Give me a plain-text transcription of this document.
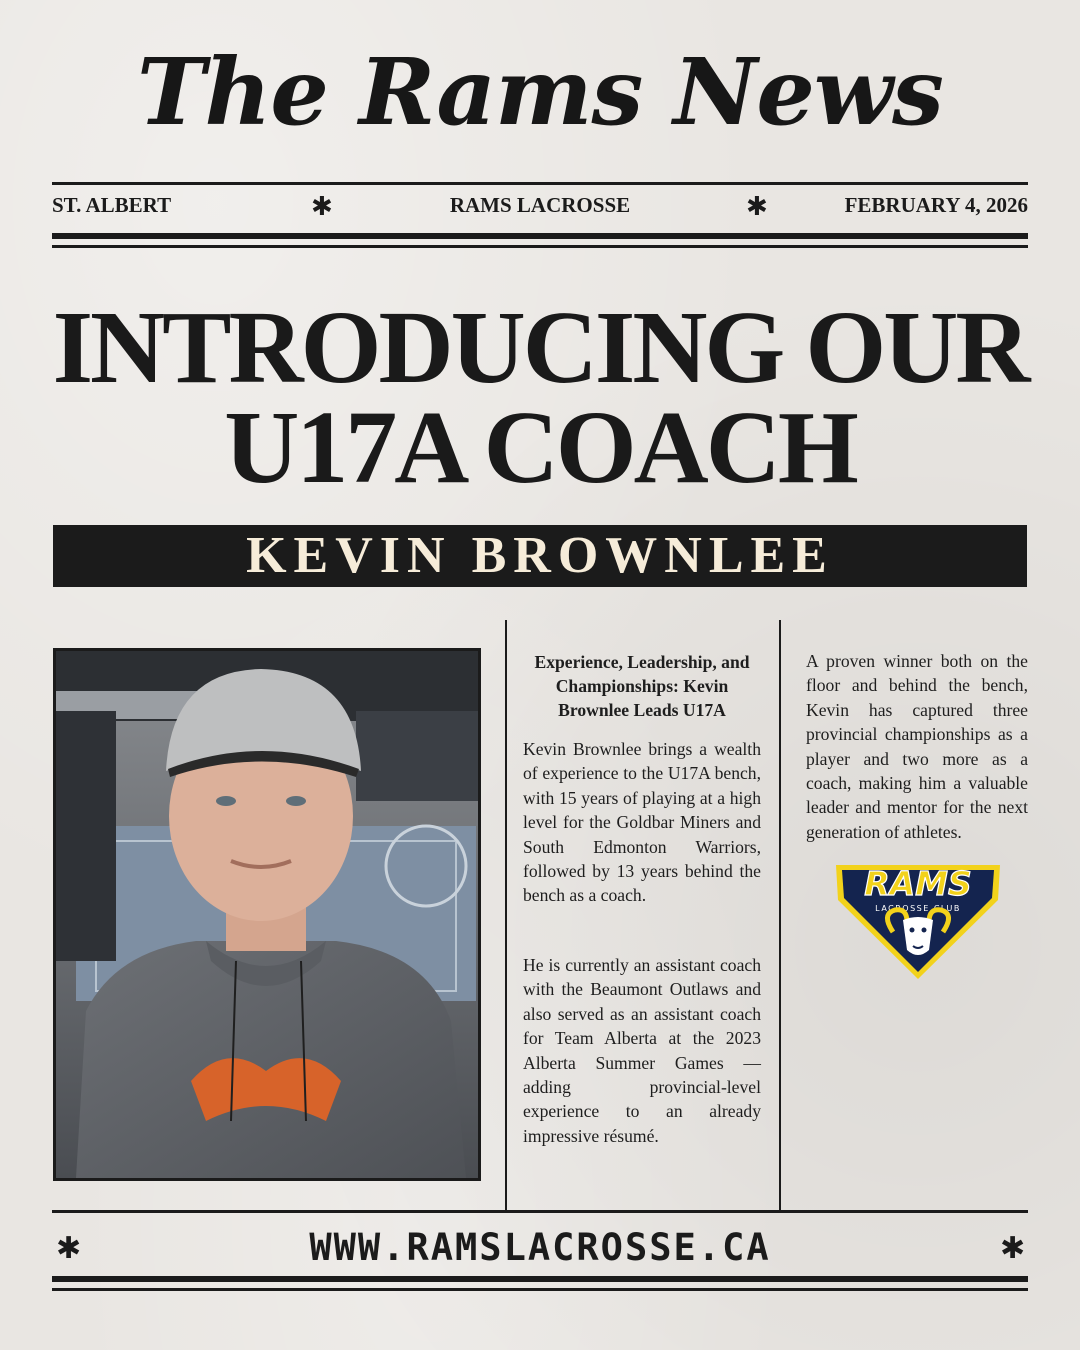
The Rams News
ST. ALBERT	✱	RAMS LACROSSE	✱	FEBRUARY 4, 2026
INTRODUCING OUR
U17A COACH
KEVIN BROWNLEE
Experience, Leadership, and Championships: Kevin Brownlee Leads U17A
Kevin Brownlee brings a wealth of experience to the U17A bench, with 15 years of playing at a high level for the Goldbar Miners and South Edmonton Warriors, followed by 13 years behind the bench as a coach.
He is currently an assistant coach with the Beaumont Outlaws and also served as an assistant coach for Team Alberta at the 2023 Alberta Summer Games — adding provincial-level experience to an already impressive résumé.
A proven winner both on the floor and behind the bench, Kevin has captured three provincial championships as a player and two more as a coach, making him a valuable leader and mentor for the next generation of athletes.
RAMS
LACROSSE CLUB
✱	WWW.RAMSLACROSSE.CA	✱
